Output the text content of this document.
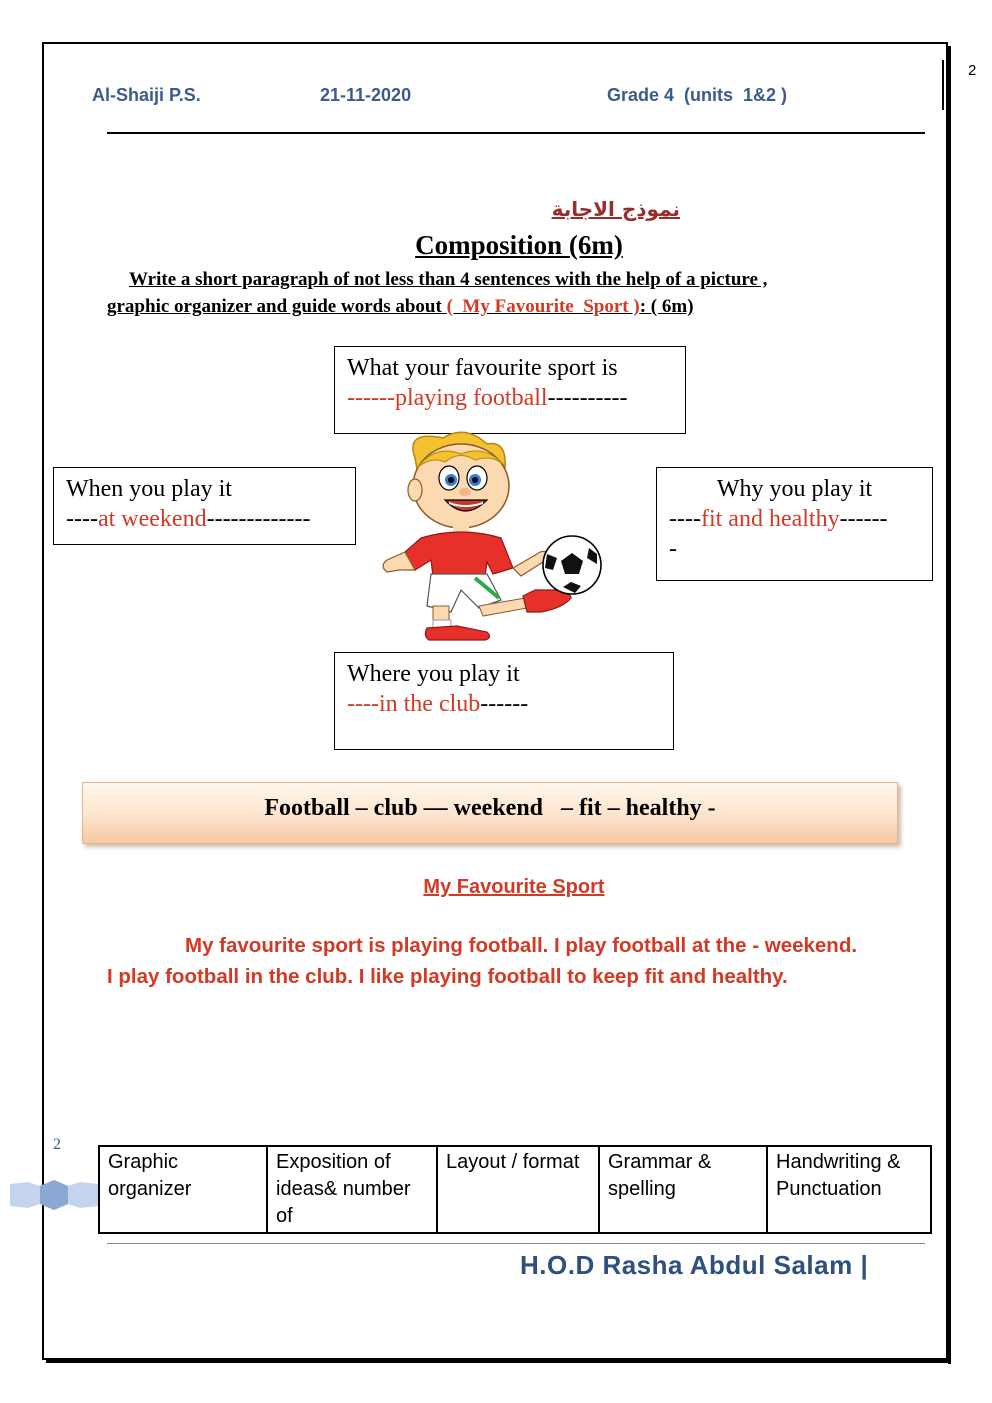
2
Al-Shaiji P.S.	21-11-2020	Grade 4  (units  1&2 )
نموذج الاجابة
Composition (6m)
Write a short paragraph of not less than 4 sentences with the help of a picture ,
graphic organizer and guide words about (  My Favourite  Sport ): ( 6m)
What your favourite sport is
------playing football----------
When you play it
----at weekend-------------
Why you play it
----fit and healthy------
-
Where you play it
----in the club------
Football – club — weekend   – fit – healthy -
My Favourite Sport
My favourite sport is playing football. I play football at the - weekend. I play football in the club. I like playing football to keep fit and healthy.
2
Graphic organizer	Exposition of ideas& number of	Layout / format	Grammar & spelling	Handwriting & Punctuation
H.O.D Rasha Abdul Salam |
